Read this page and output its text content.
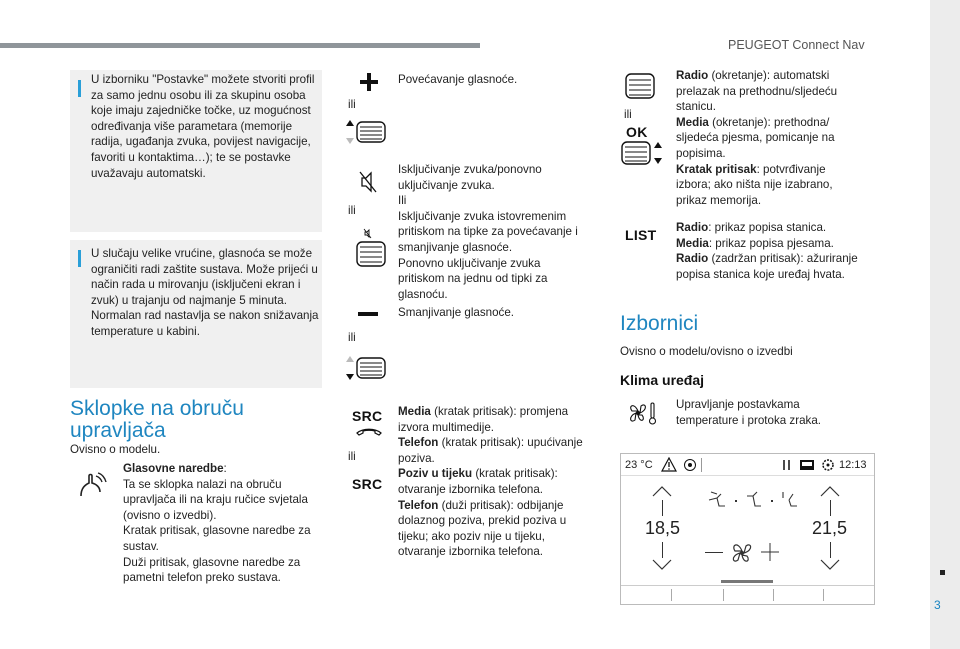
PEUGEOT Connect Nav
3
U izborniku "Postavke" možete stvoriti profil za samo jednu osobu ili za skupinu osoba koje imaju zajedničke točke, uz mogućnost određivanja više parametara (memorije radija, ugađanja zvuka, povijest navigacije, favoriti u kontaktima…); te se postavke uvažavaju automatski.
U slučaju velike vrućine, glasnoća se može ograničiti radi zaštite sustava. Može prijeći u način rada u mirovanju (isključeni ekran i zvuk) u trajanju od najmanje 5 minuta.
Normalan rad nastavlja se nakon snižavanja temperature u kabini.
Sklopke na obruču
upravljača
Ovisno o modelu.
Glasovne naredbe:
Ta se sklopka nalazi na obruču upravljača ili na kraju ručice svjetala (ovisno o izvedbi).
Kratak pritisak, glasovne naredbe za sustav.
Duži pritisak, glasovne naredbe za pametni telefon preko sustava.
ili
Povećavanje glasnoće.
ili
Isključivanje zvuka/ponovno uključivanje zvuka.
Ili
Isključivanje zvuka istovremenim pritiskom na tipke za povećavanje i smanjivanje glasnoće.
Ponovno uključivanje zvuka pritiskom na jednu od tipki za glasnoću.
Smanjivanje glasnoće.
ili
SRC
ili
SRC
Media (kratak pritisak): promjena izvora multimedije.
Telefon (kratak pritisak): upućivanje poziva.
Poziv u tijeku (kratak pritisak): otvaranje izbornika telefona.
Telefon (duži pritisak): odbijanje dolaznog poziva, prekid poziva u tijeku; ako poziv nije u tijeku, otvaranje izbornika telefona.
ili
OK
Radio (okretanje): automatski prelazak na prethodnu/sljedeću stanicu.
Media (okretanje): prethodna/ sljedeća pjesma, pomicanje na popisima.
Kratak pritisak: potvrđivanje izbora; ako ništa nije izabrano, prikaz memorija.
LIST Radio: prikaz popisa stanica.
Media: prikaz popisa pjesama.
Radio (zadržan pritisak): ažuriranje popisa stanica koje uređaj hvata.
Izbornici
Ovisno o modelu/ovisno o izvedbi
Klima uređaj
Upravljanje postavkama temperature i protoka zraka.
23 °C	12:13
18,5	21,5
